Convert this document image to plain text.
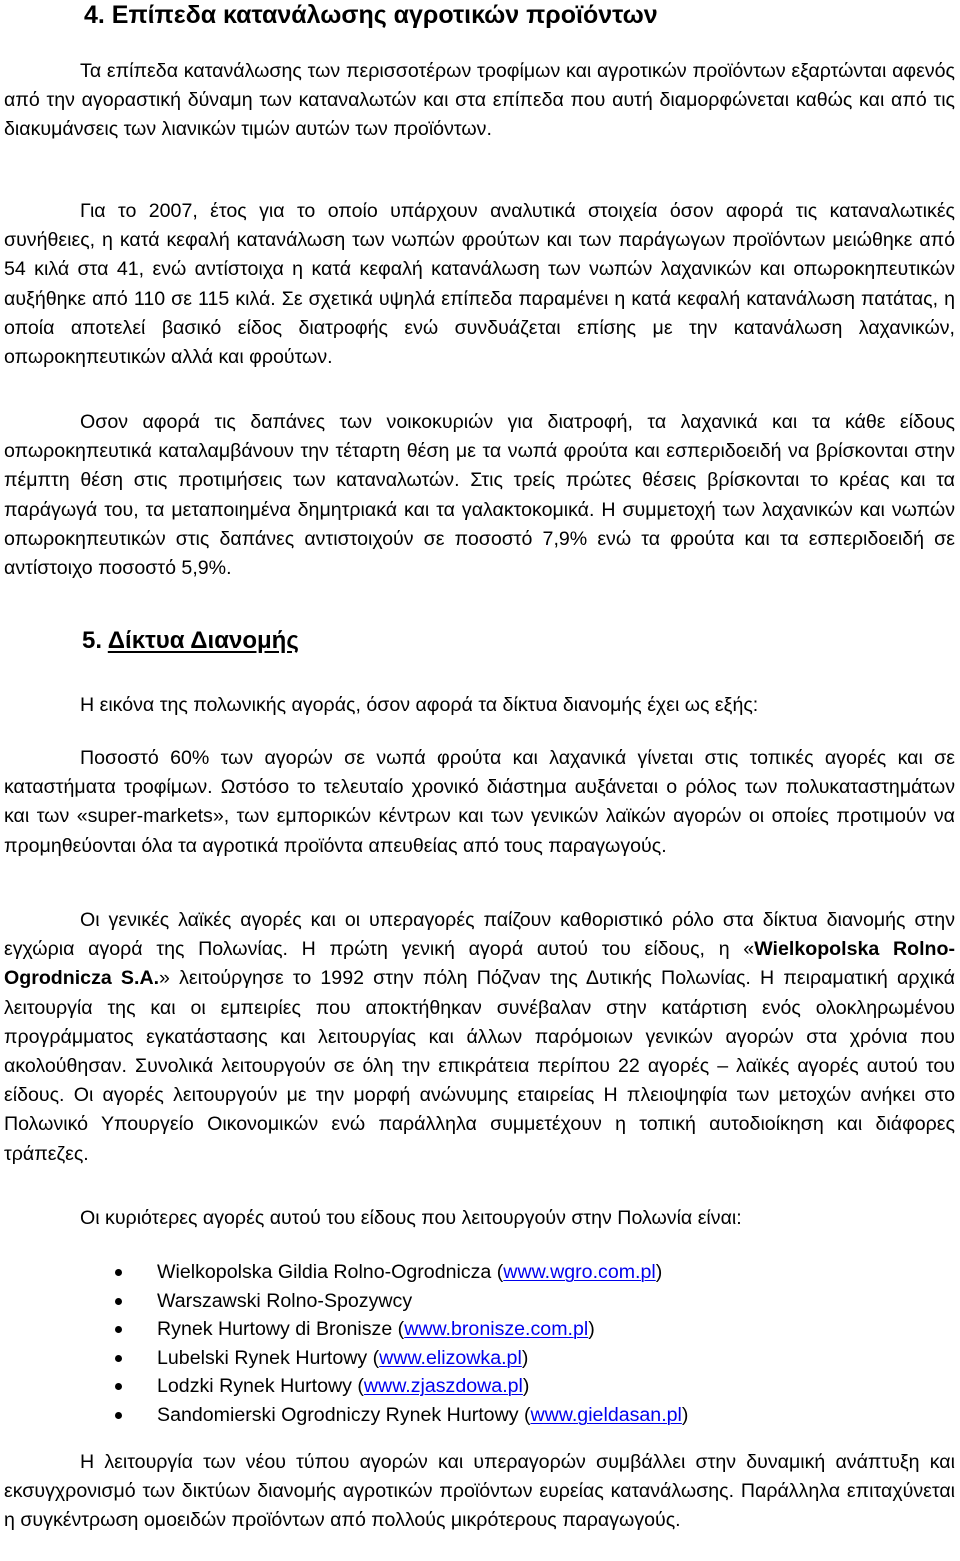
4. Επίπεδα κατανάλωσης αγροτικών προϊόντων

Τα επίπεδα κατανάλωσης των περισσοτέρων τροφίμων και αγροτικών προϊόντων εξαρτώνται αφενός από την αγοραστική δύναμη των καταναλωτών και στα επίπεδα που αυτή διαμορφώνεται καθώς και από τις διακυμάνσεις των λιανικών τιμών αυτών των προϊόντων.

Για το 2007, έτος για το οποίο υπάρχουν αναλυτικά στοιχεία όσον αφορά τις καταναλωτικές συνήθειες, η κατά κεφαλή κατανάλωση των νωπών φρούτων και των παράγωγων προϊόντων μειώθηκε από 54 κιλά στα 41, ενώ αντίστοιχα η κατά κεφαλή κατανάλωση των νωπών λαχανικών και οπωροκηπευτικών αυξήθηκε από 110 σε 115 κιλά. Σε σχετικά υψηλά επίπεδα παραμένει η κατά κεφαλή κατανάλωση πατάτας, η οποία αποτελεί βασικό είδος διατροφής ενώ συνδυάζεται επίσης με την κατανάλωση λαχανικών, οπωροκηπευτικών αλλά και φρούτων.

Οσον αφορά τις δαπάνες των νοικοκυριών για διατροφή, τα λαχανικά και τα κάθε είδους οπωροκηπευτικά καταλαμβάνουν την τέταρτη θέση με τα νωπά φρούτα και εσπεριδοειδή να βρίσκονται στην πέμπτη θέση στις προτιμήσεις των καταναλωτών. Στις τρείς πρώτες θέσεις βρίσκονται το κρέας και τα παράγωγά του, τα μεταποιημένα δημητριακά και τα γαλακτοκομικά. Η συμμετοχή των λαχανικών και νωπών οπωροκηπευτικών στις δαπάνες αντιστοιχούν σε ποσοστό 7,9% ενώ τα φρούτα και τα εσπεριδοειδή σε αντίστοιχο ποσοστό 5,9%.

5. Δίκτυα Διανομής

Η εικόνα της πολωνικής αγοράς, όσον αφορά τα δίκτυα διανομής έχει ως εξής:

Ποσοστό 60% των αγορών σε νωπά φρούτα και λαχανικά γίνεται στις τοπικές αγορές και σε καταστήματα τροφίμων. Ωστόσο το τελευταίο χρονικό διάστημα αυξάνεται ο ρόλος των πολυκαταστημάτων και των «super-markets», των εμπορικών κέντρων και των γενικών λαϊκών αγορών οι οποίες προτιμούν να προμηθεύονται όλα τα αγροτικά προϊόντα απευθείας από τους παραγωγούς.

Οι γενικές λαϊκές αγορές και οι υπεραγορές παίζουν καθοριστικό ρόλο στα δίκτυα διανομής στην εγχώρια αγορά της Πολωνίας. Η πρώτη γενική αγορά αυτού του είδους, η «Wielkopolska Rolno-Ogrodnicza S.A.» λειτούργησε το 1992 στην πόλη Πόζναν της Δυτικής Πολωνίας. Η πειραματική αρχικά λειτουργία της και οι εμπειρίες που αποκτήθηκαν συνέβαλαν στην κατάρτιση ενός ολοκληρωμένου προγράμματος εγκατάστασης και λειτουργίας και άλλων παρόμοιων γενικών αγορών στα χρόνια που ακολούθησαν. Συνολικά λειτουργούν σε όλη την επικράτεια περίπου 22 αγορές – λαϊκές αγορές αυτού του είδους. Οι αγορές λειτουργούν με την μορφή ανώνυμης εταιρείας Η πλειοψηφία των μετοχών ανήκει στο Πολωνικό Υπουργείο Οικονομικών ενώ παράλληλα συμμετέχουν η τοπική αυτοδιοίκηση και διάφορες τράπεζες.

Οι κυριότερες αγορές αυτού του είδους που λειτουργούν στην Πολωνία είναι:

Wielkopolska Gildia Rolno-Ogrodnicza (www.wgro.com.pl)
Warszawski Rolno-Spozywcy
Rynek Hurtowy di Bronisze (www.bronisze.com.pl)
Lubelski Rynek Hurtowy (www.elizowka.pl)
Lodzki Rynek Hurtowy (www.zjaszdowa.pl)
Sandomierski Ogrodniczy Rynek Hurtowy (www.gieldasan.pl)

Η λειτουργία των νέου τύπου αγορών και υπεραγορών συμβάλλει στην δυναμική ανάπτυξη και εκσυγχρονισμό των δικτύων διανομής αγροτικών προϊόντων ευρείας κατανάλωσης. Παράλληλα επιταχύνεται η συγκέντρωση ομοειδών προϊόντων από πολλούς μικρότερους παραγωγούς.
